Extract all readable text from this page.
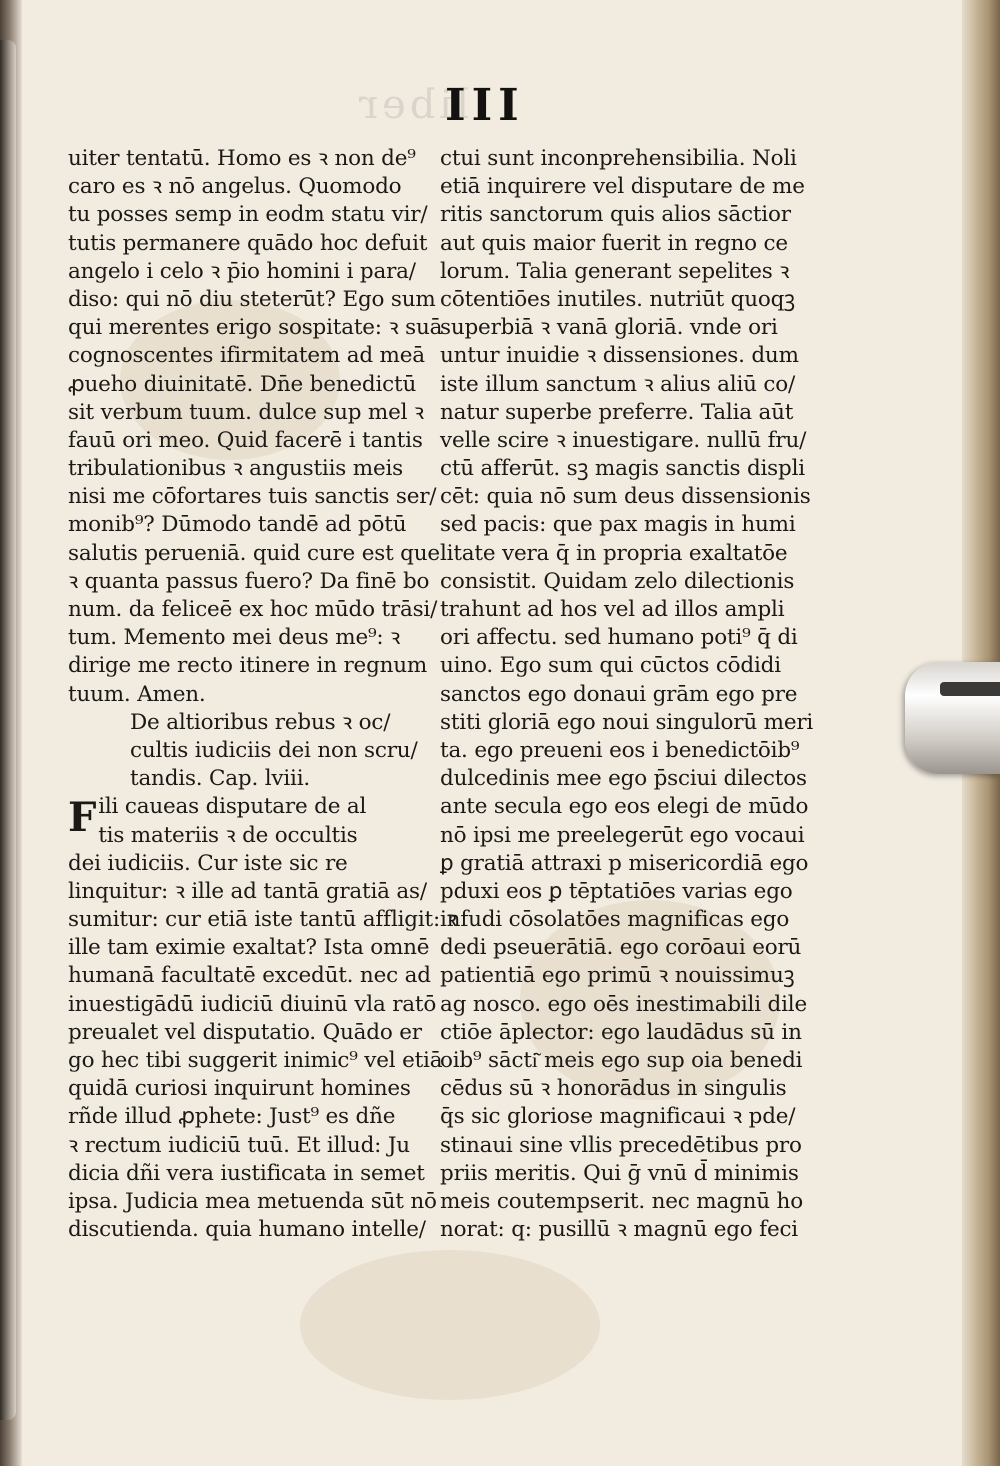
liber
III
uiter tentatū. Homo es ꝛ non de⁹
caro es ꝛ nō angelus. Quomodo
tu posses semp in eodm statu vir/
tutis permanere quādo hoc defuit
angelo i celo ꝛ p̄io homini i para/
diso: qui nō diu steterūt? Ego sum
qui merentes erigo sospitate: ꝛ suā
cognoscentes ifirmitatem ad meā
ꝓueho diuinitatē. Dn̄e benedictū
sit verbum tuum. dulce sup mel ꝛ
fauū ori meo. Quid facerē i tantis
tribulationibus ꝛ angustiis meis
nisi me cōfortares tuis sanctis ser/
monib⁹? Dūmodo tandē ad pōtū
salutis perueniā. quid cure est que
ꝛ quanta passus fuero? Da finē bo
num. da feliceē ex hoc mūdo trāsi/
tum. Memento mei deus me⁹: ꝛ
dirige me recto itinere in regnum
tuum. Amen.
De altioribus rebus ꝛ oc/
cultis iudiciis dei non scru/
tandis. Cap. lviii.
F ili caueas disputare de al
tis materiis ꝛ de occultis
dei iudiciis. Cur iste sic re
linquitur: ꝛ ille ad tantā gratiā as/
sumitur: cur etiā iste tantū affligit: ꝛ
ille tam eximie exaltat? Ista omnē
humanā facultatē excedūt. nec ad
inuestigādū iudiciū diuinū vla ratō
preualet vel disputatio. Quādo er
go hec tibi suggerit inimic⁹ vel etiā
quidā curiosi inquirunt homines
rñde illud ꝓphete: Just⁹ es dñe
ꝛ rectum iudiciū tuū. Et illud: Ju
dicia dñi vera iustificata in semet
ipsa. Judicia mea metuenda sūt nō
discutienda. quia humano intelle/
ctui sunt inconprehensibilia. Noli
etiā inquirere vel disputare de me
ritis sanctorum quis alios sāctior
aut quis maior fuerit in regno ce
lorum. Talia generant sepelites ꝛ
cōtentiōes inutiles. nutriūt quoqꝫ
superbiā ꝛ vanā gloriā. vnde ori
untur inuidie ꝛ dissensiones. dum
iste illum sanctum ꝛ alius aliū co/
natur superbe preferre. Talia aūt
velle scire ꝛ inuestigare. nullū fru/
ctū afferūt. sꝫ magis sanctis displi
cēt: quia nō sum deus dissensionis
sed pacis: que pax magis in humi
litate vera q̄ in propria exaltatōe
consistit. Quidam zelo dilectionis
trahunt ad hos vel ad illos ampli
ori affectu. sed humano poti⁹ q̄ di
uino. Ego sum qui cūctos cōdidi
sanctos ego donaui grām ego pre
stiti gloriā ego noui singulorū meri
ta. ego preueni eos i benedictōib⁹
dulcedinis mee ego p̄sciui dilectos
ante secula ego eos elegi de mūdo
nō ipsi me preelegerūt ego vocaui
ꝑ gratiā attraxi p misericordiā ego
pduxi eos ꝑ tēptatiōes varias ego
infudi cōsolatōes magnificas ego
dedi pseuerātiā. ego corōaui eorū
patientiā ego primū ꝛ nouissimuꝫ
ag nosco. ego oēs inestimabili dile
ctiōe āplector: ego laudādus sū in
oib⁹ sācti͂ meis ego sup oia benedi
cēdus sū ꝛ honorādus in singulis
q̄s sic gloriose magnificaui ꝛ pde/
stinaui sine vllis precedētibus pro
priis meritis. Qui ḡ vnū d̄ minimis
meis coutempserit. nec magnū ho
norat: q: pusillū ꝛ magnū ego feci
